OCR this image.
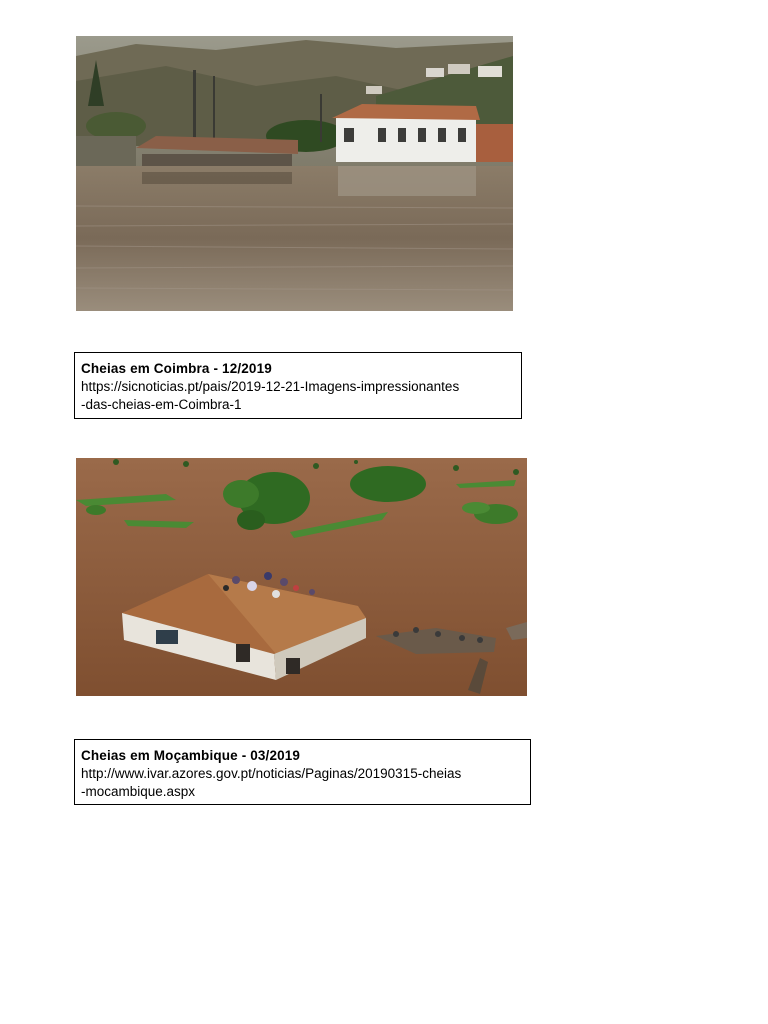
Cheias em Coimbra - 12/2019
https://sicnoticias.pt/pais/2019-12-21-Imagens-impressionantes
-das-cheias-em-Coimbra-1
Cheias em Moçambique - 03/2019
http://www.ivar.azores.gov.pt/noticias/Paginas/20190315-cheias
-mocambique.aspx
